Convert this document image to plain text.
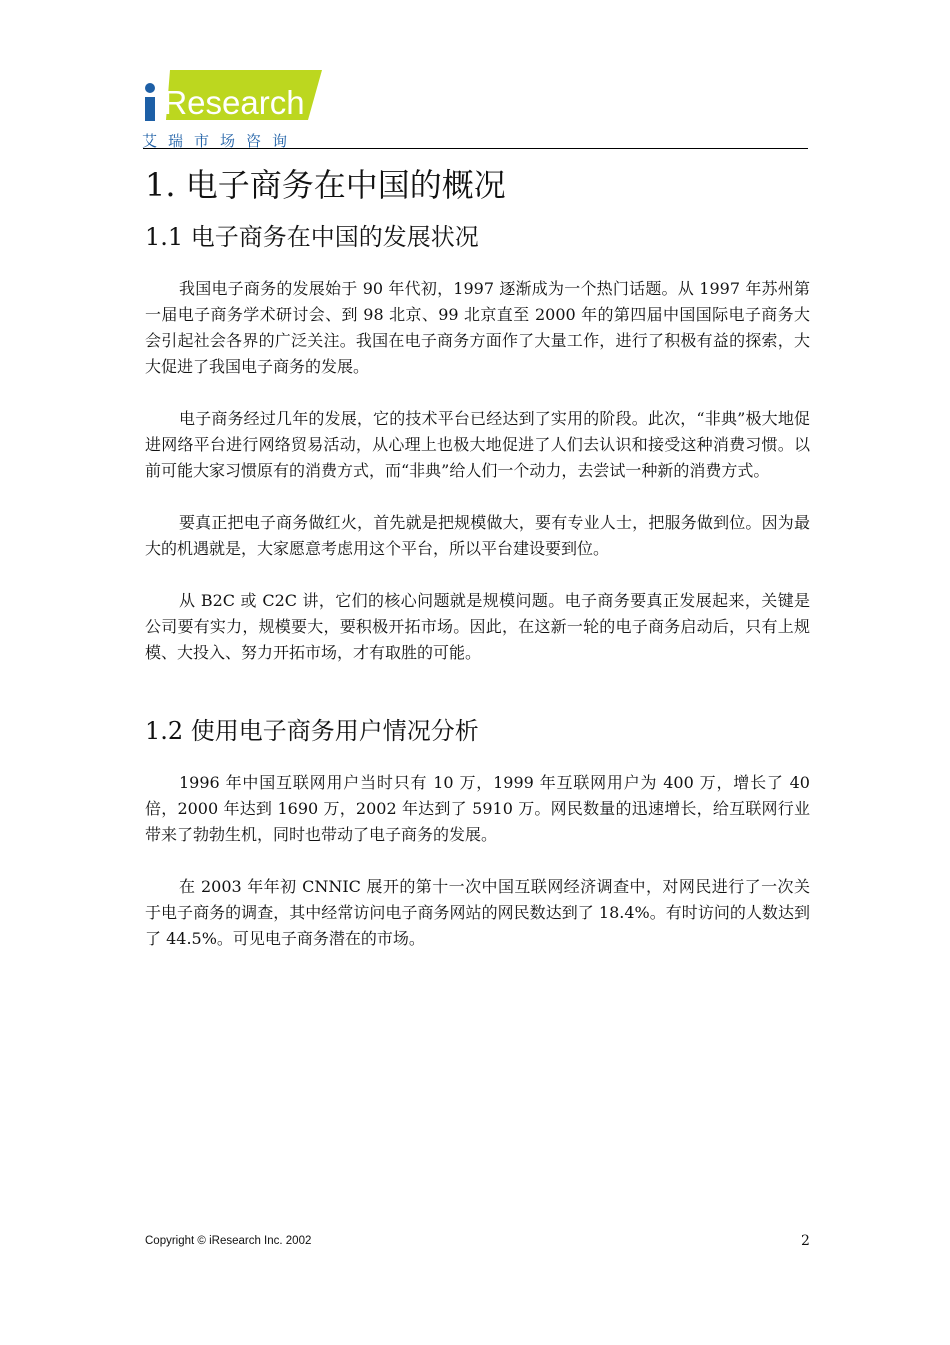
iResearch
艾瑞市场咨询
1. 电子商务在中国的概况
1.1 电子商务在中国的发展状况

我国电子商务的发展始于 90 年代初，1997 逐渐成为一个热门话题。从 1997 年苏州第一届电子商务学术研讨会、到 98 北京、99 北京直至 2000 年的第四届中国国际电子商务大会引起社会各界的广泛关注。我国在电子商务方面作了大量工作，进行了积极有益的探索，大大促进了我国电子商务的发展。

电子商务经过几年的发展，它的技术平台已经达到了实用的阶段。此次，“非典”极大地促进网络平台进行网络贸易活动，从心理上也极大地促进了人们去认识和接受这种消费习惯。以前可能大家习惯原有的消费方式，而“非典”给人们一个动力，去尝试一种新的消费方式。

要真正把电子商务做红火，首先就是把规模做大，要有专业人士，把服务做到位。因为最大的机遇就是，大家愿意考虑用这个平台，所以平台建设要到位。

从 B2C 或 C2C 讲，它们的核心问题就是规模问题。电子商务要真正发展起来，关键是公司要有实力，规模要大，要积极开拓市场。因此，在这新一轮的电子商务启动后，只有上规模、大投入、努力开拓市场，才有取胜的可能。

1.2 使用电子商务用户情况分析

1996 年中国互联网用户当时只有 10 万，1999 年互联网用户为 400 万，增长了 40 倍，2000 年达到 1690 万，2002 年达到了 5910 万。网民数量的迅速增长，给互联网行业带来了勃勃生机，同时也带动了电子商务的发展。

在 2003 年年初 CNNIC 展开的第十一次中国互联网经济调查中，对网民进行了一次关于电子商务的调查，其中经常访问电子商务网站的网民数达到了 18.4%。有时访问的人数达到了 44.5%。可见电子商务潜在的市场。

Copyright © iResearch Inc. 2002	2
